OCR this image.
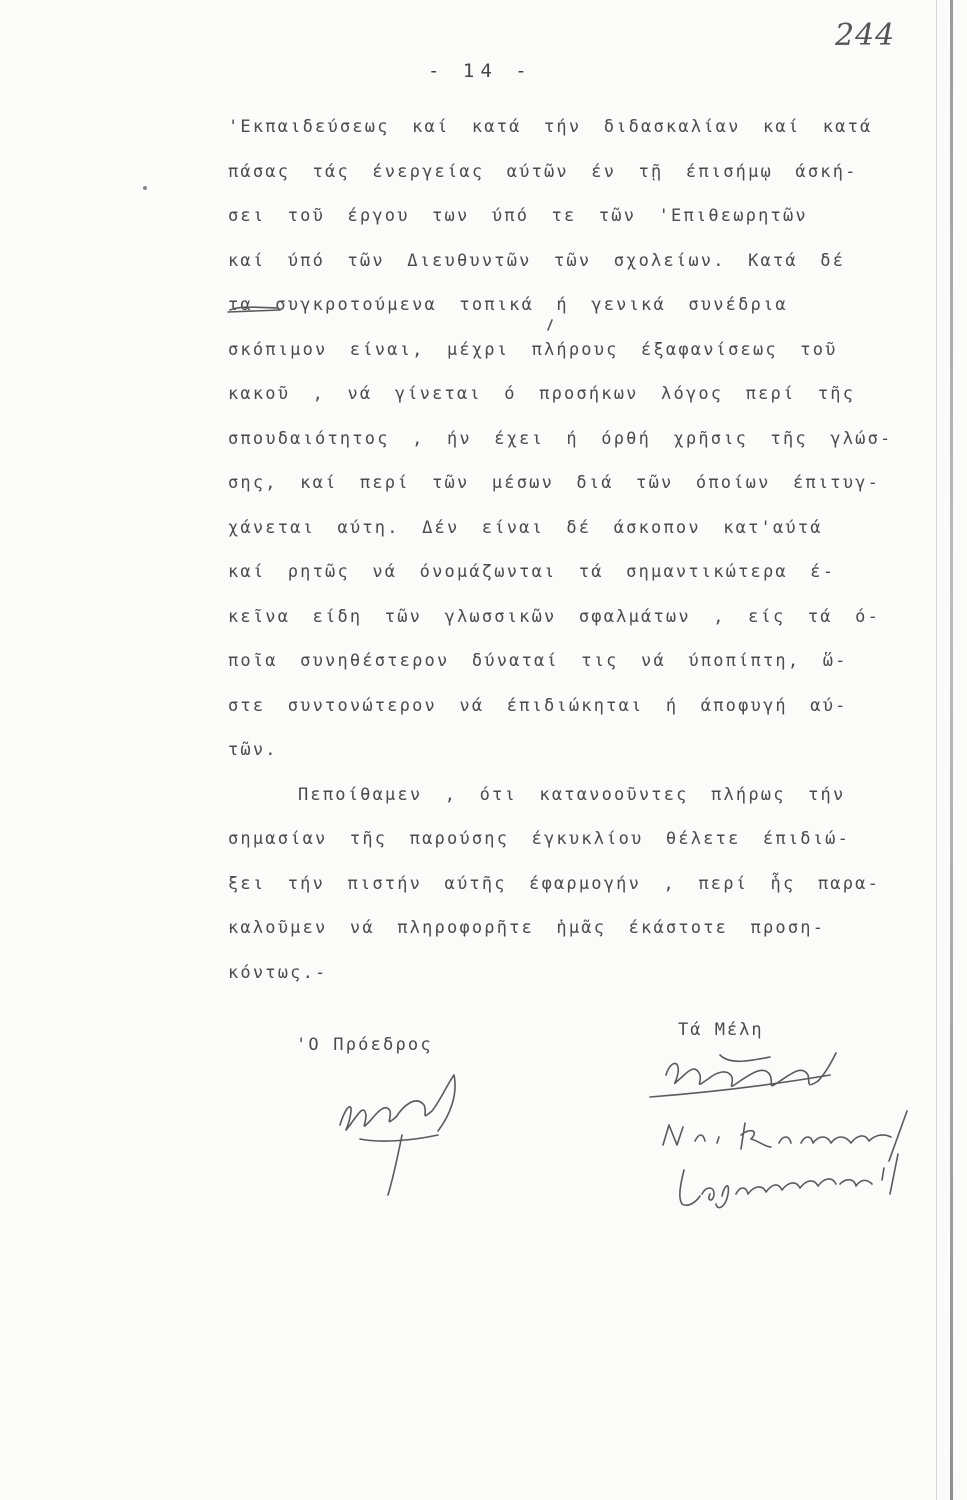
244
- 14 -
'Εκπαιδεύσεως καί κατά τήν διδασκαλίαν καί κατά
πάσας τάς ένεργείας αύτῶν έν τῇ έπισήμῳ άσκή-
σει τοῦ έργου των ύπό τε τῶν 'Επιθεωρητῶν
καί ύπό τῶν Διευθυντῶν τῶν σχολείων. Κατά δέ
τα συγκροτούμενα τοπικά ή γενικά συνέδρια
σκόπιμον είναι, μέχρι πλήρους έξαφανίσεως τοῦ
κακοῦ , νά γίνεται ό προσήκων λόγος περί τῆς
σπουδαιότητος , ήν έχει ή όρθή χρῆσις τῆς γλώσ-
σης, καί περί τῶν μέσων διά τῶν όποίων έπιτυγ-
χάνεται αύτη. Δέν είναι δέ άσκοπον κατ'αύτά
καί ρητῶς νά όνομάζωνται τά σημαντικώτερα έ-
κεῖνα είδη τῶν γλωσσικῶν σφαλμάτων , είς τά ό-
ποῖα συνηθέστερον δύναταί τις νά ύποπίπτη, ὥ-
στε συντονώτερον νά έπιδιώκηται ή άποφυγή αύ-
τῶν.
Πεποίθαμεν , ότι κατανοοῦντες πλήρως τήν
σημασίαν τῆς παρούσης έγκυκλίου θέλετε έπιδιώ-
ξει τήν πιστήν αύτῆς έφαρμογήν , περί ἧς παρα-
καλοῦμεν νά πληροφορῆτε ἡμᾶς έκάστοτε προση-
κόντως.-
'Ο Πρόεδρος
Τά Μέλη
